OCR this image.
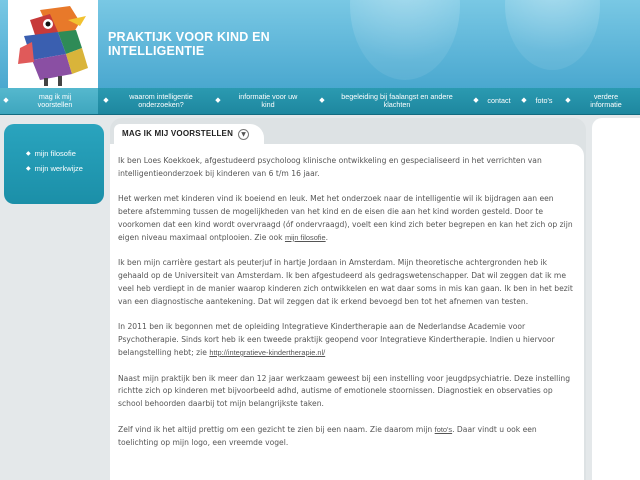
PRAKTIJK VOOR KIND EN
INTELLIGENTIE
◆	mag ik mij
voorstellen	◆	waarom intelligentie
onderzoeken?	◆	informatie voor uw
kind	◆	begeleiding bij faalangst en andere
klachten	◆	contact	◆	foto's	◆	verdere
informatie
◆ mijn filosofie
◆ mijn werkwijze
MAG IK MIJ VOORSTELLEN	▼

Ik ben Loes Koekkoek, afgestudeerd psycholoog klinische ontwikkeling en gespecialiseerd in het verrichten van intelligentieonderzoek bij kinderen van 6 t/m 16 jaar.

Het werken met kinderen vind ik boeiend en leuk. Met het onderzoek naar de intelligentie wil ik bijdragen aan een betere afstemming tussen de mogelijkheden van het kind en de eisen die aan het kind worden gesteld. Door te voorkomen dat een kind wordt overvraagd (óf ondervraagd), voelt een kind zich beter begrepen en kan het zich op zijn eigen niveau maximaal ontplooien. Zie ook mijn filosofie.

Ik ben mijn carrière gestart als peuterjuf in hartje Jordaan in Amsterdam. Mijn theoretische achtergronden heb ik gehaald op de Universiteit van Amsterdam. Ik ben afgestudeerd als gedragswetenschapper. Dat wil zeggen dat ik me veel heb verdiept in de manier waarop kinderen zich ontwikkelen en wat daar soms in mis kan gaan. Ik ben in het bezit van een diagnostische aantekening. Dat wil zeggen dat ik erkend bevoegd ben tot het afnemen van testen.

In 2011 ben ik begonnen met de opleiding Integratieve Kindertherapie aan de Nederlandse Academie voor Psychotherapie. Sinds kort heb ik een tweede praktijk geopend voor Integratieve Kindertherapie. Indien u hiervoor belangstelling hebt; zie http://integratieve-kindertherapie.nl/

Naast mijn praktijk ben ik meer dan 12 jaar werkzaam geweest bij een instelling voor jeugdpsychiatrie. Deze instelling richtte zich op kinderen met bijvoorbeeld adhd, autisme of emotionele stoornissen. Diagnostiek en observaties op school behoorden daarbij tot mijn belangrijkste taken.

Zelf vind ik het altijd prettig om een gezicht te zien bij een naam. Zie daarom mijn foto's. Daar vindt u ook een toelichting op mijn logo, een vreemde vogel.
